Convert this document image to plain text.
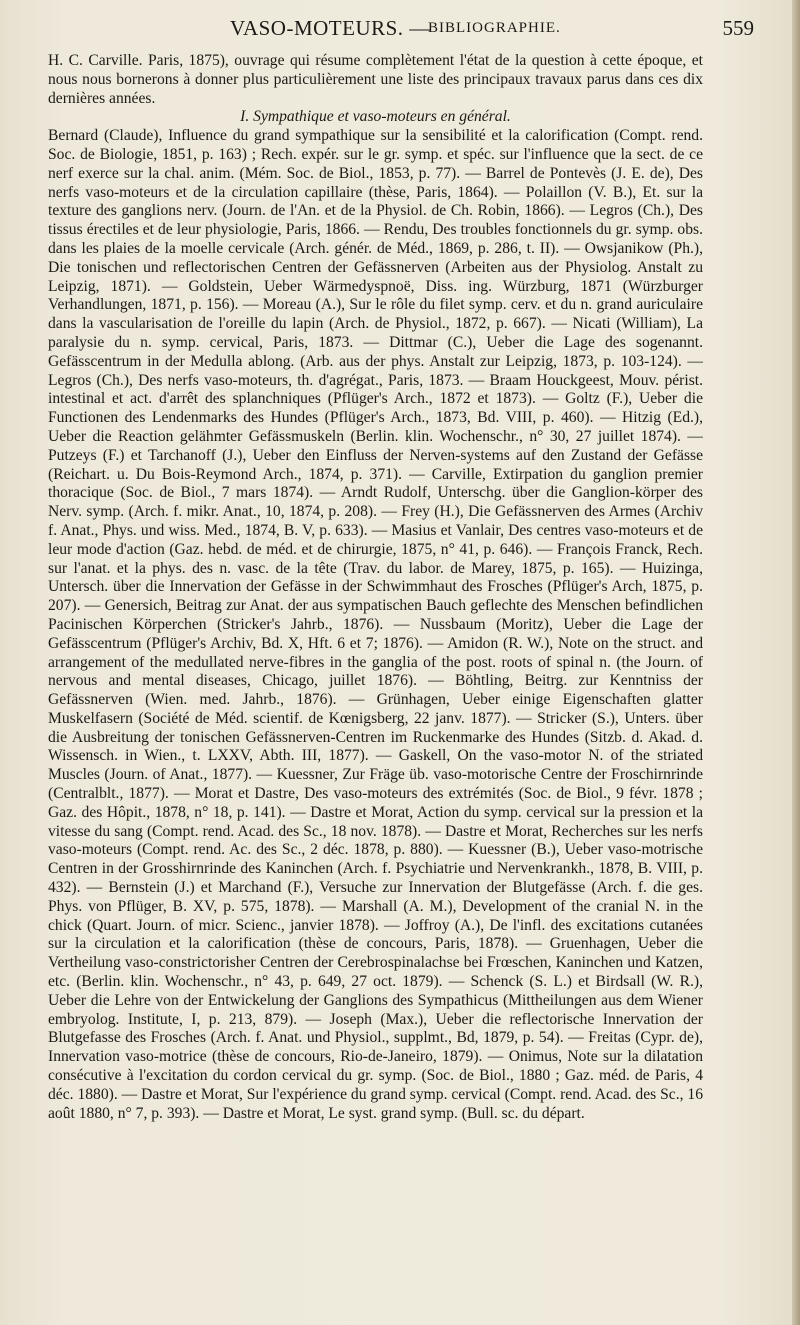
VASO-MOTEURS. —
BIBLIOGRAPHIE.	559

H. C. Carville. Paris, 1875), ouvrage qui résume complètement l'état de la question à cette époque, et nous nous bornerons à donner plus particulièrement une liste des principaux travaux parus dans ces dix dernières années.

I. Sympathique et vaso-moteurs en général.

Bernard (Claude), Influence du grand sympathique sur la sensibilité et la calorification (Compt. rend. Soc. de Biologie, 1851, p. 163) ; Rech. expér. sur le gr. symp. et spéc. sur l'influence que la sect. de ce nerf exerce sur la chal. anim. (Mém. Soc. de Biol., 1853, p. 77). — Barrel de Pontevès (J. E. de), Des nerfs vaso-moteurs et de la circulation capillaire (thèse, Paris, 1864). — Polaillon (V. B.), Et. sur la texture des ganglions nerv. (Journ. de l'An. et de la Physiol. de Ch. Robin, 1866). — Legros (Ch.), Des tissus érectiles et de leur physiologie, Paris, 1866. — Rendu, Des troubles fonctionnels du gr. symp. obs. dans les plaies de la moelle cervicale (Arch. génér. de Méd., 1869, p. 286, t. II). — Owsjanikow (Ph.), Die tonischen und reflectorischen Centren der Gefässnerven (Arbeiten aus der Physiolog. Anstalt zu Leipzig, 1871). — Goldstein, Ueber Wärmedyspnoë, Diss. ing. Würzburg, 1871 (Würzburger Verhandlungen, 1871, p. 156). — Moreau (A.), Sur le rôle du filet symp. cerv. et du n. grand auriculaire dans la vascularisation de l'oreille du lapin (Arch. de Physiol., 1872, p. 667). — Nicati (William), La paralysie du n. symp. cervical, Paris, 1873. — Dittmar (C.), Ueber die Lage des sogenannt. Gefässcentrum in der Medulla ablong. (Arb. aus der phys. Anstalt zur Leipzig, 1873, p. 103-124). — Legros (Ch.), Des nerfs vaso-moteurs, th. d'agrégat., Paris, 1873. — Braam Houckgeest, Mouv. périst. intestinal et act. d'arrêt des splanchniques (Pflüger's Arch., 1872 et 1873). — Goltz (F.), Ueber die Functionen des Lendenmarks des Hundes (Pflüger's Arch., 1873, Bd. VIII, p. 460). — Hitzig (Ed.), Ueber die Reaction gelähmter Gefässmuskeln (Berlin. klin. Wochenschr., n° 30, 27 juillet 1874). — Putzeys (F.) et Tarchanoff (J.), Ueber den Einfluss der Nerven-systems auf den Zustand der Gefässe (Reichart. u. Du Bois-Reymond Arch., 1874, p. 371). — Carville, Extirpation du ganglion premier thoracique (Soc. de Biol., 7 mars 1874). — Arndt Rudolf, Unterschg. über die Ganglion-körper des Nerv. symp. (Arch. f. mikr. Anat., 10, 1874, p. 208). — Frey (H.), Die Gefässnerven des Armes (Archiv f. Anat., Phys. und wiss. Med., 1874, B. V, p. 633). — Masius et Vanlair, Des centres vaso-moteurs et de leur mode d'action (Gaz. hebd. de méd. et de chirurgie, 1875, n° 41, p. 646). — François Franck, Rech. sur l'anat. et la phys. des n. vasc. de la tête (Trav. du labor. de Marey, 1875, p. 165). — Huizinga, Untersch. über die Innervation der Gefässe in der Schwimmhaut des Frosches (Pflüger's Arch, 1875, p. 207). — Genersich, Beitrag zur Anat. der aus sympatischen Bauch geflechte des Menschen befindlichen Pacinischen Körperchen (Stricker's Jahrb., 1876). — Nussbaum (Moritz), Ueber die Lage der Gefässcentrum (Pflüger's Archiv, Bd. X, Hft. 6 et 7; 1876). — Amidon (R. W.), Note on the struct. and arrangement of the medullated nerve-fibres in the ganglia of the post. roots of spinal n. (the Journ. of nervous and mental diseases, Chicago, juillet 1876). — Böhtling, Beitrg. zur Kenntniss der Gefässnerven (Wien. med. Jahrb., 1876). — Grünhagen, Ueber einige Eigenschaften glatter Muskelfasern (Société de Méd. scientif. de Kœnigsberg, 22 janv. 1877). — Stricker (S.), Unters. über die Ausbreitung der tonischen Gefässnerven-Centren im Ruckenmarke des Hundes (Sitzb. d. Akad. d. Wissensch. in Wien., t. LXXV, Abth. III, 1877). — Gaskell, On the vaso-motor N. of the striated Muscles (Journ. of Anat., 1877). — Kuessner, Zur Fräge üb. vaso-motorische Centre der Froschirnrinde (Centralblt., 1877). — Morat et Dastre, Des vaso-moteurs des extrémités (Soc. de Biol., 9 févr. 1878 ; Gaz. des Hôpit., 1878, n° 18, p. 141). — Dastre et Morat, Action du symp. cervical sur la pression et la vitesse du sang (Compt. rend. Acad. des Sc., 18 nov. 1878). — Dastre et Morat, Recherches sur les nerfs vaso-moteurs (Compt. rend. Ac. des Sc., 2 déc. 1878, p. 880). — Kuessner (B.), Ueber vaso-motrische Centren in der Grosshirnrinde des Kaninchen (Arch. f. Psychiatrie und Nervenkrankh., 1878, B. VIII, p. 432). — Bernstein (J.) et Marchand (F.), Versuche zur Innervation der Blutgefässe (Arch. f. die ges. Phys. von Pflüger, B. XV, p. 575, 1878). — Marshall (A. M.), Development of the cranial N. in the chick (Quart. Journ. of micr. Scienc., janvier 1878). — Joffroy (A.), De l'infl. des excitations cutanées sur la circulation et la calorification (thèse de concours, Paris, 1878). — Gruenhagen, Ueber die Vertheilung vaso-constrictorisher Centren der Cerebrospinalachse bei Frœschen, Kaninchen und Katzen, etc. (Berlin. klin. Wochenschr., n° 43, p. 649, 27 oct. 1879). — Schenck (S. L.) et Birdsall (W. R.), Ueber die Lehre von der Entwickelung der Ganglions des Sympathicus (Mittheilungen aus dem Wiener embryolog. Institute, I, p. 213, 879). — Joseph (Max.), Ueber die reflectorische Innervation der Blutgefasse des Frosches (Arch. f. Anat. und Physiol., supplmt., Bd, 1879, p. 54). — Freitas (Cypr. de), Innervation vaso-motrice (thèse de concours, Rio-de-Janeiro, 1879). — Onimus, Note sur la dilatation consécutive à l'excitation du cordon cervical du gr. symp. (Soc. de Biol., 1880 ; Gaz. méd. de Paris, 4 déc. 1880). — Dastre et Morat, Sur l'expérience du grand symp. cervical (Compt. rend. Acad. des Sc., 16 août 1880, n° 7, p. 393). — Dastre et Morat, Le syst. grand symp. (Bull. sc. du départ.
